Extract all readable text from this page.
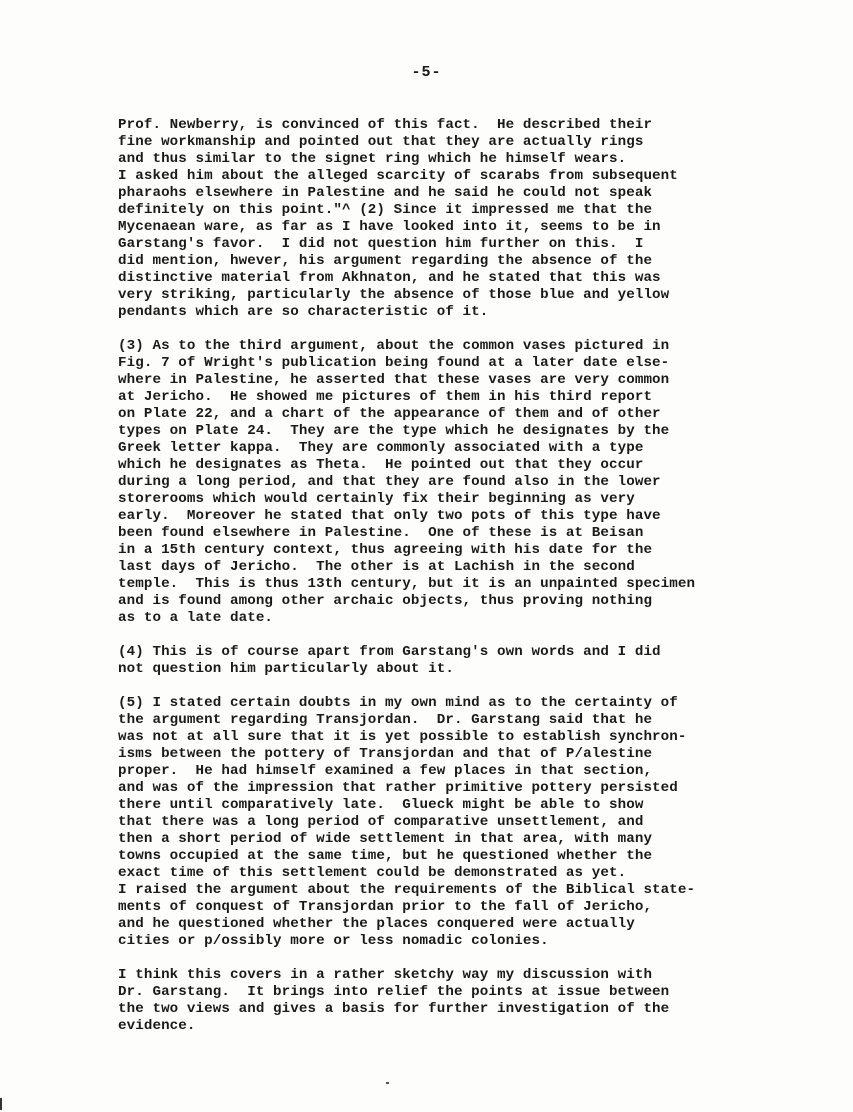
-5-
Prof. Newberry, is convinced of this fact.  He described their
fine workmanship and pointed out that they are actually rings
and thus similar to the signet ring which he himself wears.
I asked him about the alleged scarcity of scarabs from subsequent
pharaohs elsewhere in Palestine and he said he could not speak
definitely on this point."^ (2) Since it impressed me that the
Mycenaean ware, as far as I have looked into it, seems to be in
Garstang's favor.  I did not question him further on this.  I
did mention, hwever, his argument regarding the absence of the
distinctive material from Akhnaton, and he stated that this was
very striking, particularly the absence of those blue and yellow
pendants which are so characteristic of it.
(3) As to the third argument, about the common vases pictured in
Fig. 7 of Wright's publication being found at a later date else-
where in Palestine, he asserted that these vases are very common
at Jericho.  He showed me pictures of them in his third report
on Plate 22, and a chart of the appearance of them and of other
types on Plate 24.  They are the type which he designates by the
Greek letter kappa.  They are commonly associated with a type
which he designates as Theta.  He pointed out that they occur
during a long period, and that they are found also in the lower
storerooms which would certainly fix their beginning as very
early.  Moreover he stated that only two pots of this type have
been found elsewhere in Palestine.  One of these is at Beisan
in a 15th century context, thus agreeing with his date for the
last days of Jericho.  The other is at Lachish in the second
temple.  This is thus 13th century, but it is an unpainted specimen
and is found among other archaic objects, thus proving nothing
as to a late date.
(4) This is of course apart from Garstang's own words and I did
not question him particularly about it.
(5) I stated certain doubts in my own mind as to the certainty of
the argument regarding Transjordan.  Dr. Garstang said that he
was not at all sure that it is yet possible to establish synchron-
isms between the pottery of Transjordan and that of P/alestine
proper.  He had himself examined a few places in that section,
and was of the impression that rather primitive pottery persisted
there until comparatively late.  Glueck might be able to show
that there was a long period of comparative unsettlement, and
then a short period of wide settlement in that area, with many
towns occupied at the same time, but he questioned whether the
exact time of this settlement could be demonstrated as yet.
I raised the argument about the requirements of the Biblical state-
ments of conquest of Transjordan prior to the fall of Jericho,
and he questioned whether the places conquered were actually
cities or p/ossibly more or less nomadic colonies.
I think this covers in a rather sketchy way my discussion with
Dr. Garstang.  It brings into relief the points at issue between
the two views and gives a basis for further investigation of the
evidence.
